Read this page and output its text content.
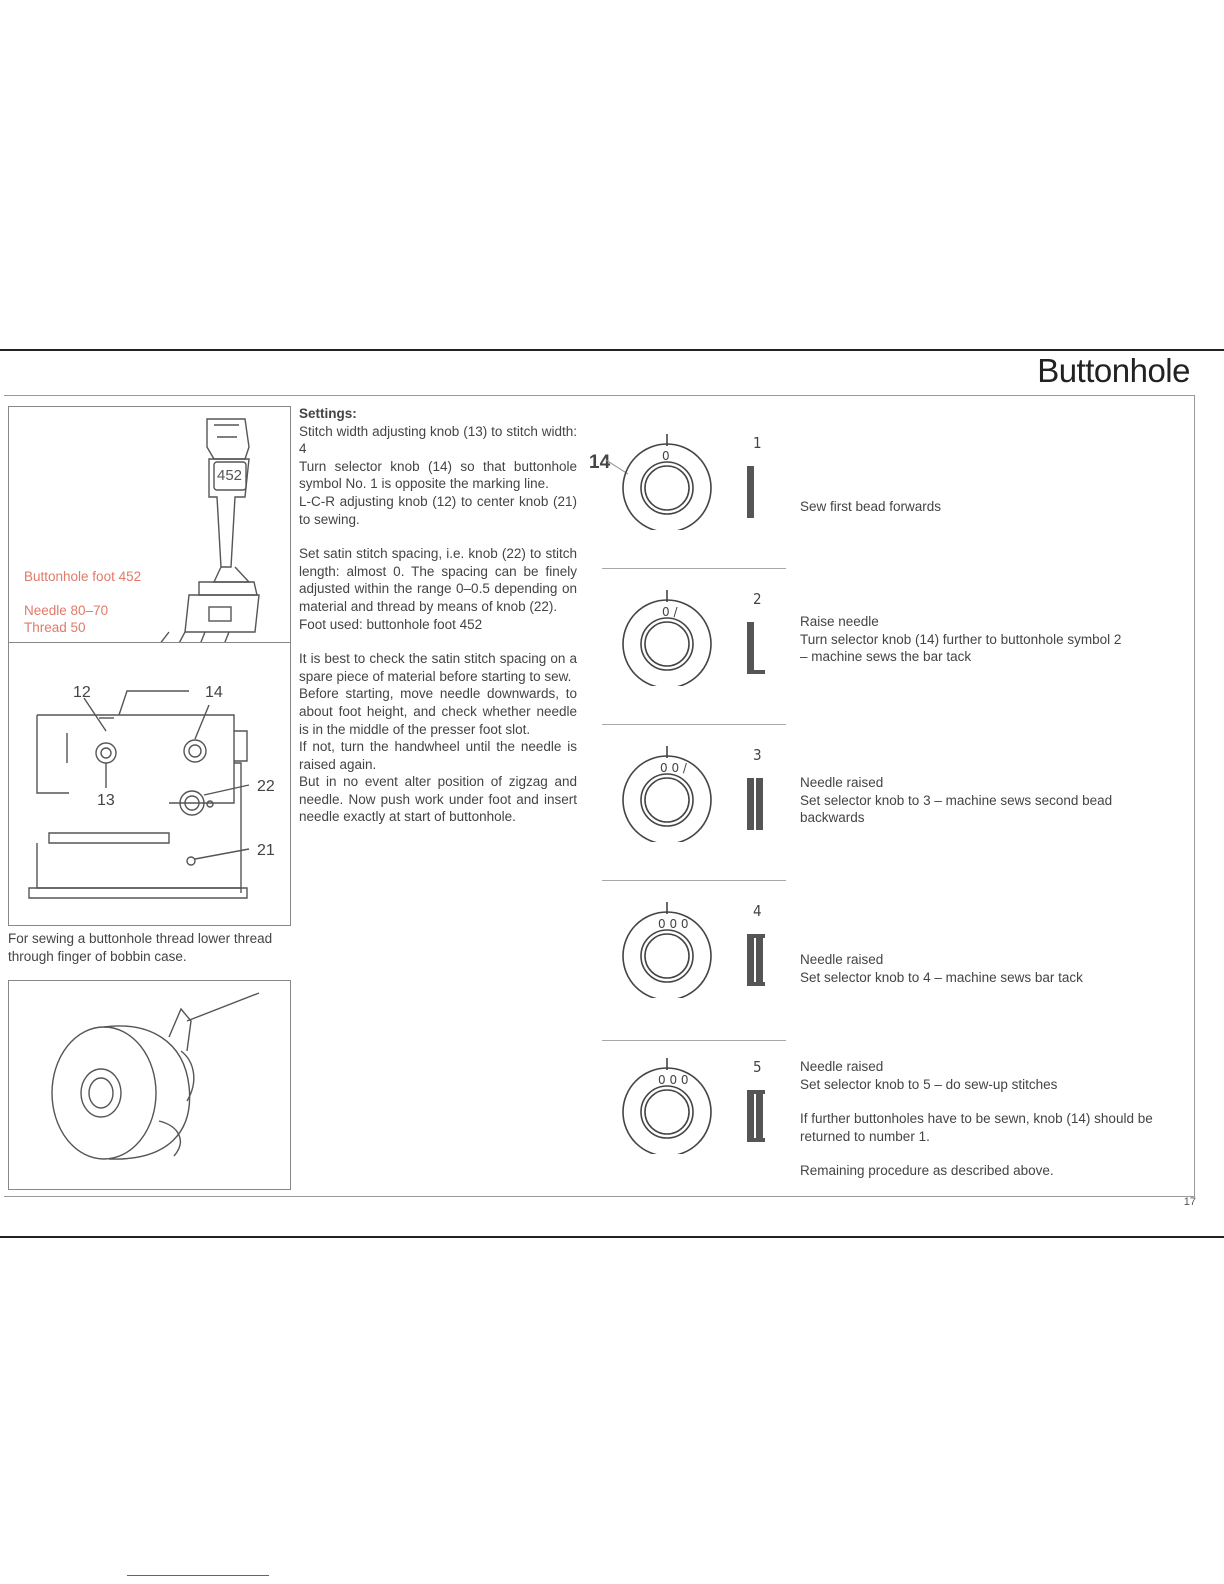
Buttonhole
452
Buttonhole foot 452
Needle 80–70
Thread 50
12	14
13
22
21
For sewing a buttonhole thread lower thread through finger of bobbin case.

Settings:
Stitch width adjusting knob (13) to stitch width: 4
Turn selector knob (14) so that buttonhole symbol No. 1 is opposite the marking line.
L-C-R adjusting knob (12) to center knob (21) to sewing.

Set satin stitch spacing, i.e. knob (22) to stitch length: almost 0. The spacing can be finely adjusted within the range 0–0.5 depending on material and thread by means of knob (22).
Foot used: buttonhole foot 452

It is best to check the satin stitch spacing on a spare piece of material before starting to sew.
Before starting, move needle downwards, to about foot height, and check whether needle is in the middle of the presser foot slot.
If not, turn the handwheel until the needle is raised again.
But in no event alter position of zigzag and needle. Now push work under foot and insert needle exactly at start of buttonhole.

14	0
0 /
0 0 /
0 0 0
0 0 0
1
2
3
4
5
Sew first bead forwards
Raise needle
Turn selector knob (14) further to buttonhole symbol 2
– machine sews the bar tack
Needle raised
Set selector knob to 3 – machine sews second bead backwards
Needle raised
Set selector knob to 4 – machine sews bar tack
Needle raised
Set selector knob to 5 – do sew-up stitches
If further buttonholes have to be sewn, knob (14) should be returned to number 1.
Remaining procedure as described above.
17
